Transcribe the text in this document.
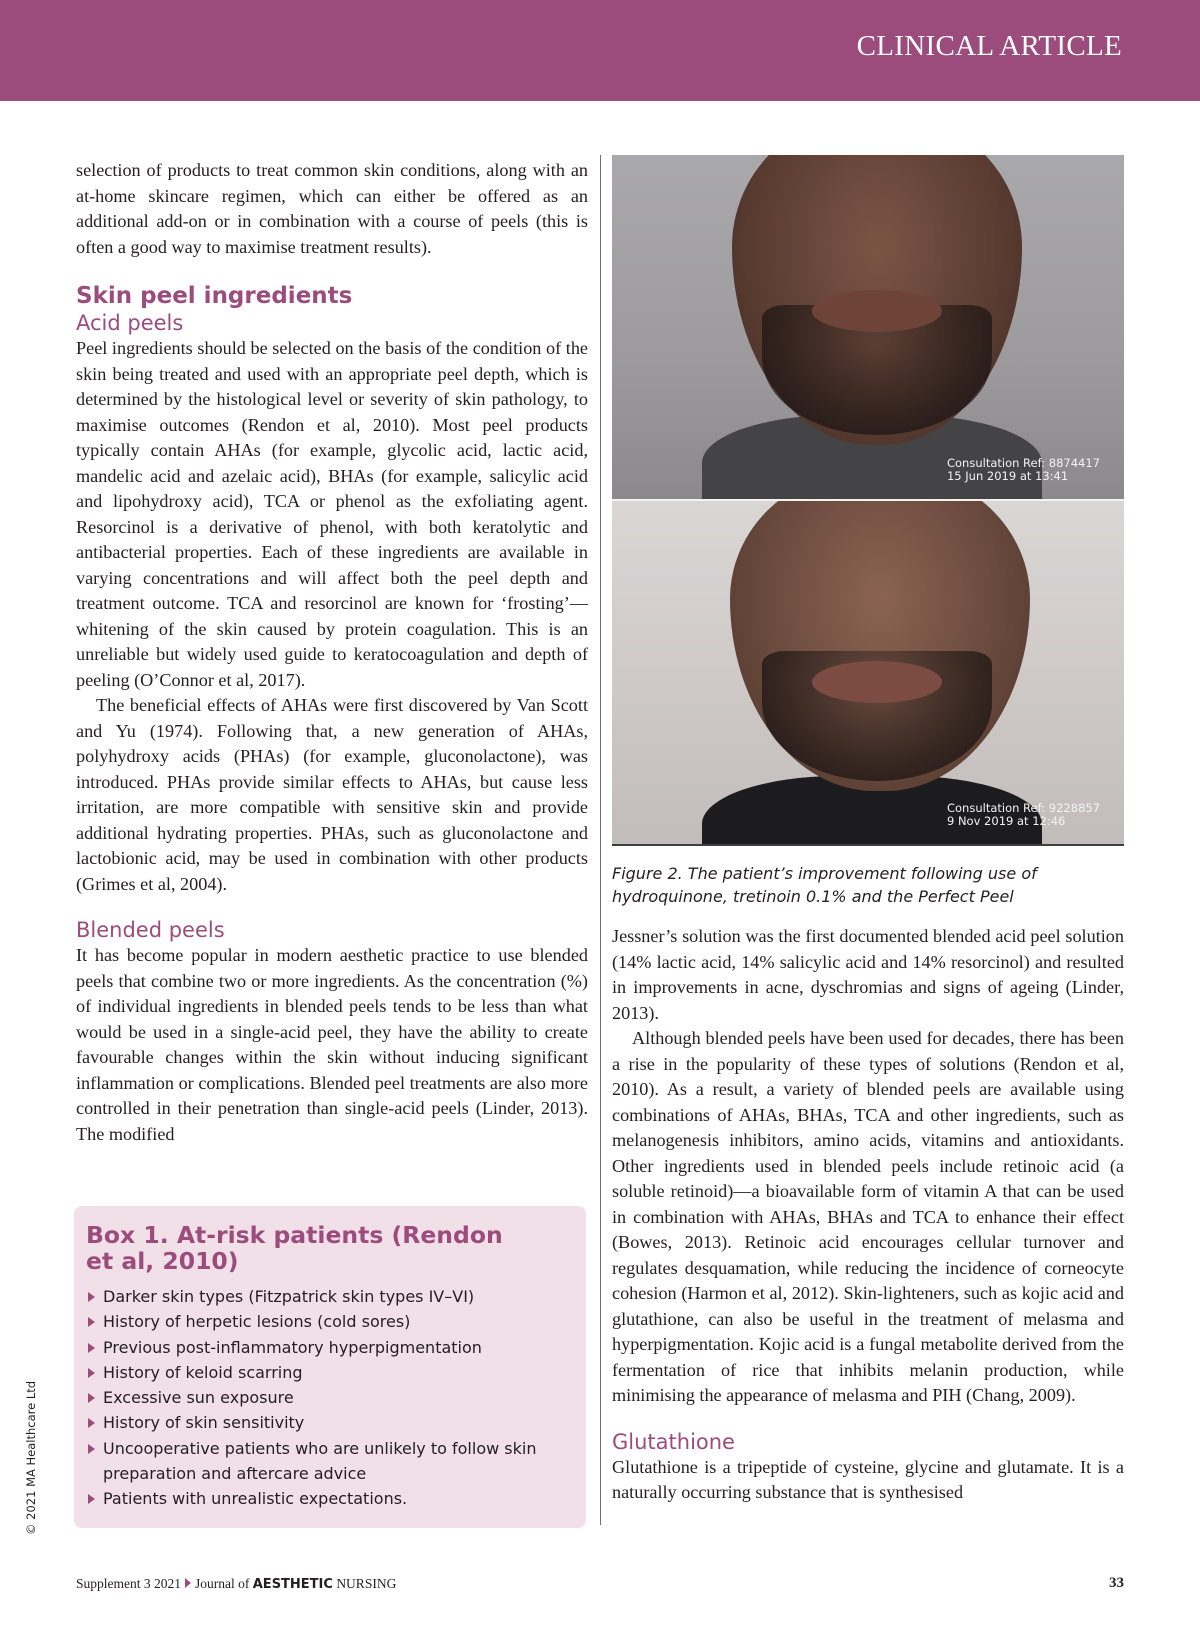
CLINICAL ARTICLE

selection of products to treat common skin conditions, along with an at-home skincare regimen, which can either be offered as an additional add-on or in combination with a course of peels (this is often a good way to maximise treatment results).

Skin peel ingredients
Acid peels

Peel ingredients should be selected on the basis of the condition of the skin being treated and used with an appropriate peel depth, which is determined by the histological level or severity of skin pathology, to maximise outcomes (Rendon et al, 2010). Most peel products typically contain AHAs (for example, glycolic acid, lactic acid, mandelic acid and azelaic acid), BHAs (for example, salicylic acid and lipohydroxy acid), TCA or phenol as the exfoliating agent. Resorcinol is a derivative of phenol, with both keratolytic and antibacterial properties. Each of these ingredients are available in varying concentrations and will affect both the peel depth and treatment outcome. TCA and resorcinol are known for ‘frosting’—whitening of the skin caused by protein coagulation. This is an unreliable but widely used guide to keratocoagulation and depth of peeling (O’Connor et al, 2017).

The beneficial effects of AHAs were first discovered by Van Scott and Yu (1974). Following that, a new generation of AHAs, polyhydroxy acids (PHAs) (for example, gluconolactone), was introduced. PHAs provide similar effects to AHAs, but cause less irritation, are more compatible with sensitive skin and provide additional hydrating properties. PHAs, such as gluconolactone and lactobionic acid, may be used in combination with other products (Grimes et al, 2004).

Blended peels

It has become popular in modern aesthetic practice to use blended peels that combine two or more ingredients. As the concentration (%) of individual ingredients in blended peels tends to be less than what would be used in a single-acid peel, they have the ability to create favourable changes within the skin without inducing significant inflammation or complications. Blended peel treatments are also more controlled in their penetration than single-acid peels (Linder, 2013). The modified

Box 1. At-risk patients (Rendon et al, 2010)
Darker skin types (Fitzpatrick skin types IV–VI)
History of herpetic lesions (cold sores)
Previous post-inflammatory hyperpigmentation
History of keloid scarring
Excessive sun exposure
History of skin sensitivity
Uncooperative patients who are unlikely to follow skin preparation and aftercare advice
Patients with unrealistic expectations.
Consultation Ref: 8874417
15 Jun 2019 at 13:41
Consultation Ref: 9228857
9 Nov 2019 at 12:46
Figure 2. The patient’s improvement following use of hydroquinone, tretinoin 0.1% and the Perfect Peel

Jessner’s solution was the first documented blended acid peel solution (14% lactic acid, 14% salicylic acid and 14% resorcinol) and resulted in improvements in acne, dyschromias and signs of ageing (Linder, 2013).

Although blended peels have been used for decades, there has been a rise in the popularity of these types of solutions (Rendon et al, 2010). As a result, a variety of blended peels are available using combinations of AHAs, BHAs, TCA and other ingredients, such as melanogenesis inhibitors, amino acids, vitamins and antioxidants. Other ingredients used in blended peels include retinoic acid (a soluble retinoid)—a bioavailable form of vitamin A that can be used in combination with AHAs, BHAs and TCA to enhance their effect (Bowes, 2013). Retinoic acid encourages cellular turnover and regulates desquamation, while reducing the incidence of corneocyte cohesion (Harmon et al, 2012). Skin-lighteners, such as kojic acid and glutathione, can also be useful in the treatment of melasma and hyperpigmentation. Kojic acid is a fungal metabolite derived from the fermentation of rice that inhibits melanin production, while minimising the appearance of melasma and PIH (Chang, 2009).

Glutathione

Glutathione is a tripeptide of cysteine, glycine and glutamate. It is a naturally occurring substance that is synthesised

© 2021 MA Healthcare Ltd
Supplement 3 2021 Journal of AESTHETIC NURSING	33
